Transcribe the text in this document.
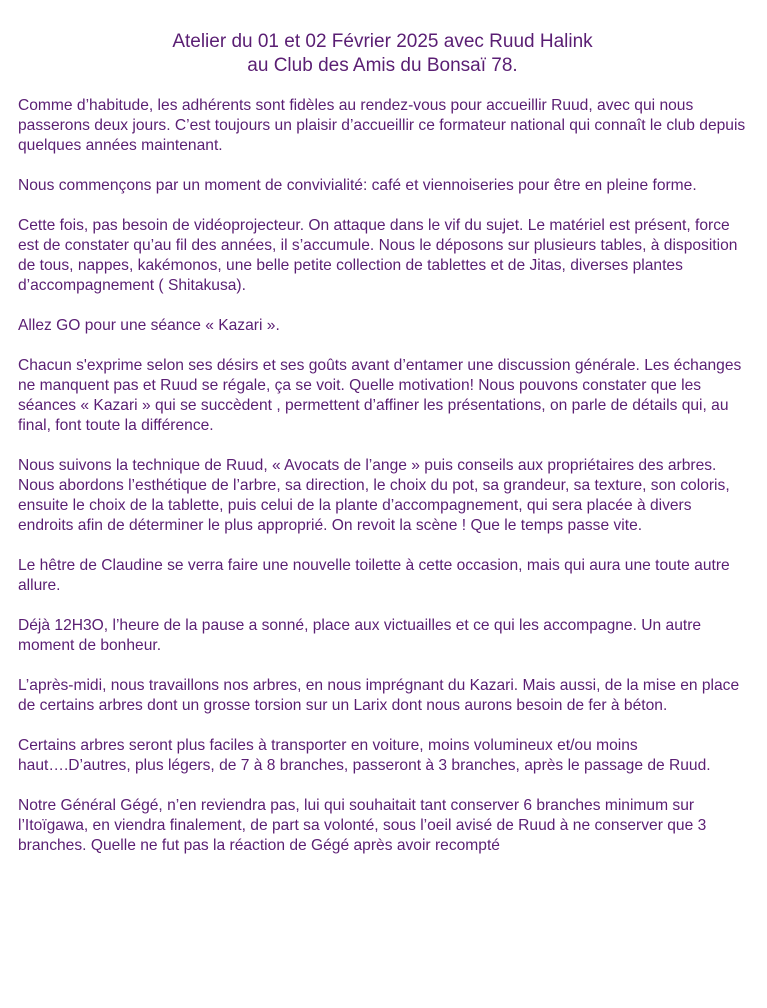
Atelier du 01 et 02 Février 2025 avec Ruud Halink
au Club des Amis du Bonsaï 78.

Comme d’habitude, les adhérents sont fidèles au rendez-vous pour accueillir Ruud, avec qui nous passerons deux jours. C’est toujours un plaisir d’accueillir ce formateur national qui connaît le club depuis quelques années maintenant.

Nous commençons par un moment de convivialité: café et viennoiseries pour être en pleine forme.

Cette fois, pas besoin de vidéoprojecteur. On attaque dans le vif du sujet. Le matériel est présent, force est de constater qu’au fil des années, il s’accumule. Nous le déposons sur plusieurs tables, à disposition de tous, nappes, kakémonos, une belle petite collection de tablettes et de Jitas, diverses plantes d’accompagnement ( Shitakusa).

Allez GO pour une séance « Kazari ».

Chacun s'exprime selon ses désirs et ses goûts avant d’entamer une discussion générale. Les échanges ne manquent pas et Ruud se régale, ça se voit. Quelle motivation! Nous pouvons constater que les séances « Kazari » qui se succèdent , permettent d’affiner les présentations, on parle de détails qui, au final, font toute la différence.

Nous suivons la technique de Ruud, « Avocats de l’ange » puis conseils aux propriétaires des arbres.

Nous abordons l’esthétique de l’arbre, sa direction, le choix du pot, sa grandeur, sa texture, son coloris, ensuite le choix de la tablette, puis celui de la plante d’accompagnement, qui sera placée à divers endroits afin de déterminer le plus approprié. On revoit la scène ! Que le temps passe vite.

Le hêtre de Claudine se verra faire une nouvelle toilette à cette occasion, mais qui aura une toute autre allure.

Déjà 12H3O, l’heure de la pause a sonné, place aux victuailles et ce qui les accompagne. Un autre moment de bonheur.

L’après-midi, nous travaillons nos arbres, en nous imprégnant du Kazari. Mais aussi, de la mise en place de certains arbres dont un grosse torsion sur un Larix dont nous aurons besoin de fer à béton.

Certains arbres seront plus faciles à transporter en voiture, moins volumineux et/ou moins haut….D’autres, plus légers, de 7 à 8 branches, passeront à 3 branches, après le passage de Ruud.

Notre Général Gégé, n’en reviendra pas, lui qui souhaitait tant conserver 6 branches minimum sur l’Itoïgawa, en viendra finalement, de part sa volonté, sous l’oeil avisé de Ruud à ne conserver que 3 branches. Quelle ne fut pas la réaction de Gégé après avoir recompté
